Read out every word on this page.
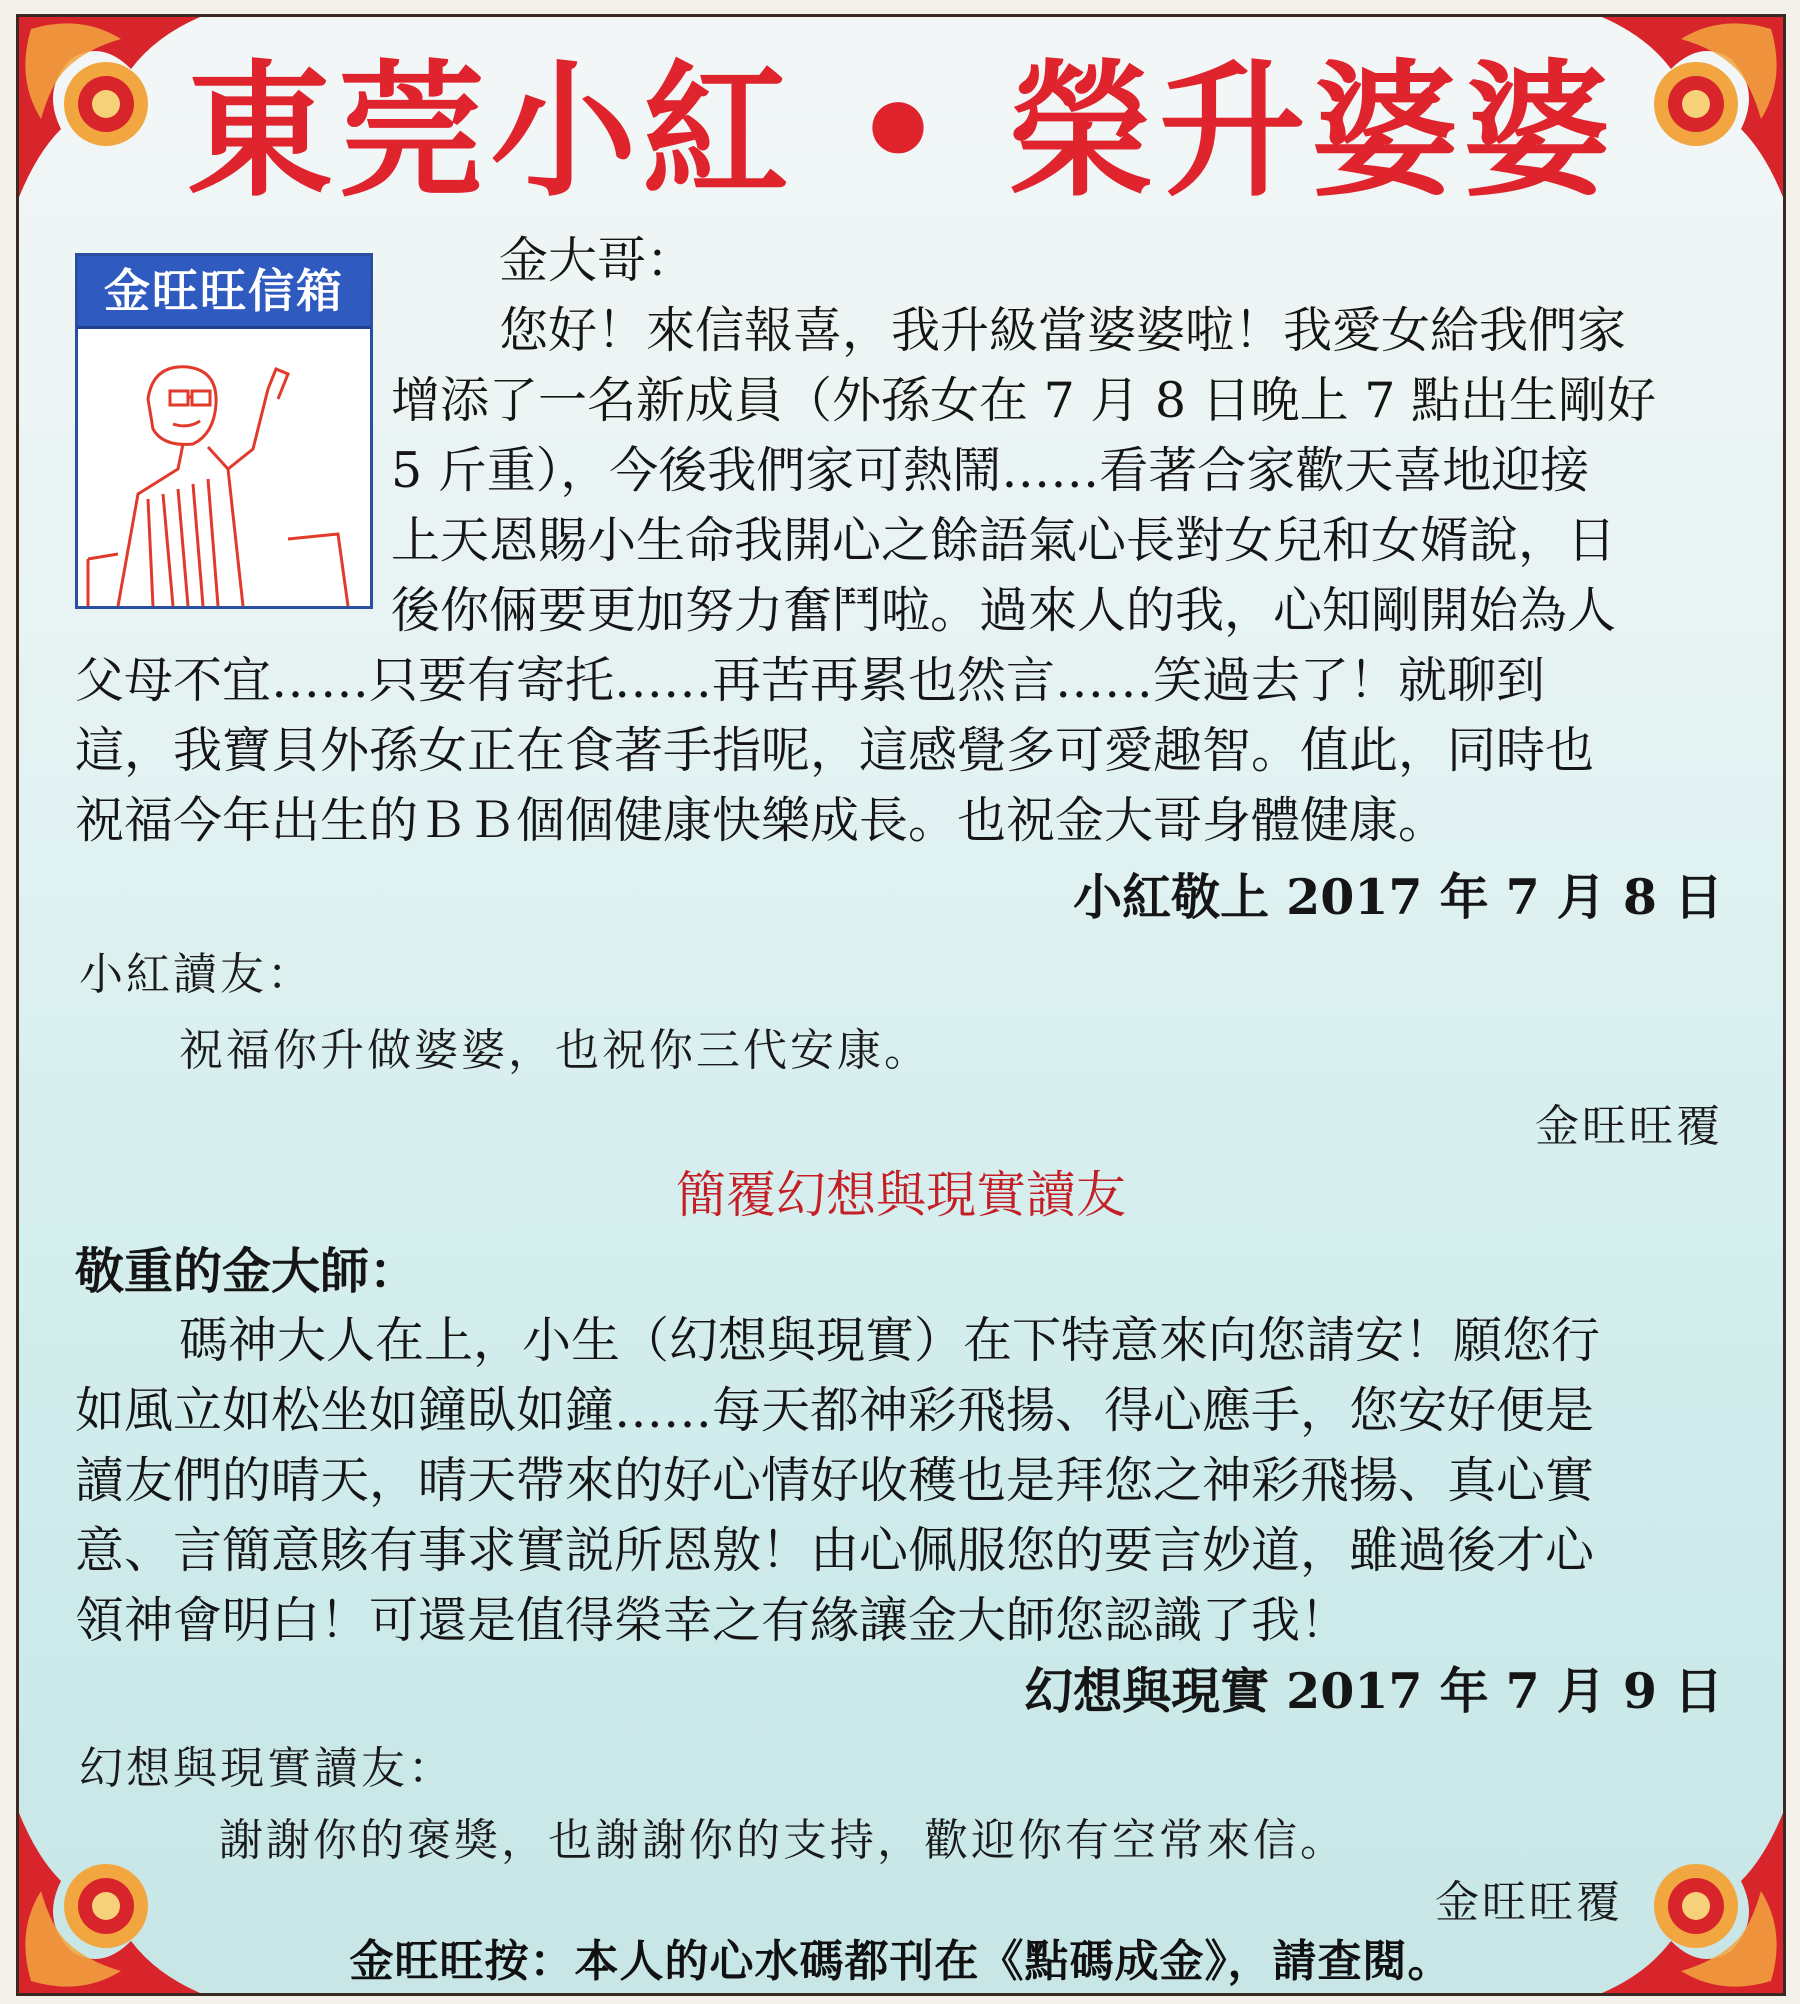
東莞小紅 • 榮升婆婆
金旺旺信箱
金大哥：
您好！來信報喜，我升級當婆婆啦！我愛女給我們家
增添了一名新成員（外孫女在 7 月 8 日晚上 7 點出生剛好
5 斤重），今後我們家可熱鬧……看著合家歡天喜地迎接
上天恩賜小生命我開心之餘語氣心長對女兒和女婿說，日
後你倆要更加努力奮鬥啦。過來人的我，心知剛開始為人
父母不宜……只要有寄托……再苦再累也然言……笑過去了！就聊到
這，我寶貝外孫女正在食著手指呢，這感覺多可愛趣智。值此，同時也
祝福今年出生的ＢＢ個個健康快樂成長。也祝金大哥身體健康。
小紅敬上 2017 年 7 月 8 日
小紅讀友：
祝福你升做婆婆，也祝你三代安康。
金旺旺覆
簡覆幻想與現實讀友
敬重的金大師：
碼神大人在上，小生（幻想與現實）在下特意來向您請安！願您行
如風立如松坐如鐘臥如鐘……每天都神彩飛揚、得心應手，您安好便是
讀友們的晴天，晴天帶來的好心情好收穫也是拜您之神彩飛揚、真心實
意、言簡意賅有事求實説所恩敫！由心佩服您的要言妙道，雖過後才心
領神會明白！可還是值得榮幸之有緣讓金大師您認識了我！
幻想與現實 2017 年 7 月 9 日
幻想與現實讀友：
謝謝你的褒獎，也謝謝你的支持，歡迎你有空常來信。
金旺旺覆
金旺旺按：本人的心水碼都刊在《點碼成金》，請查閱。
